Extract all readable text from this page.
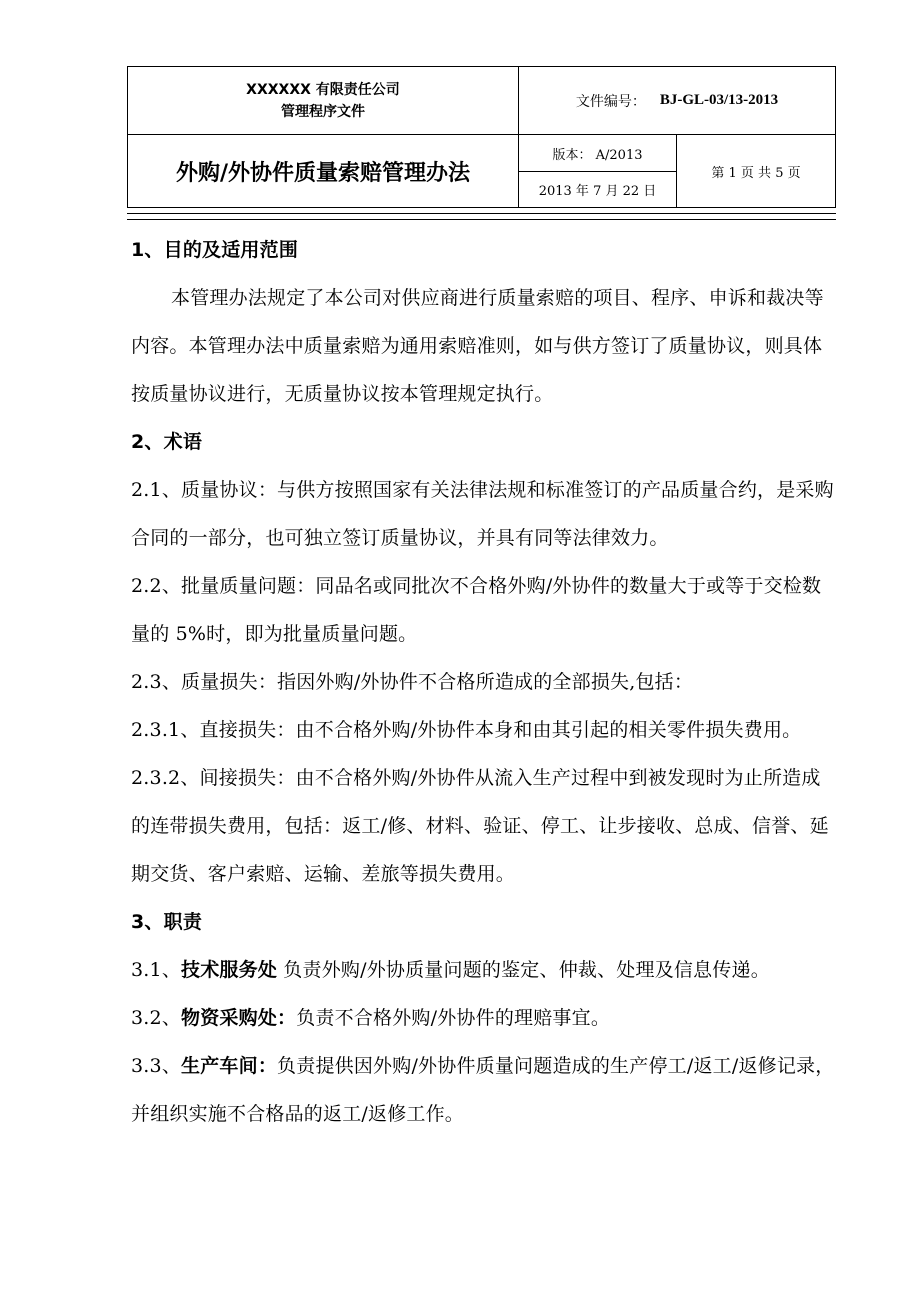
XXXXXX 有限责任公司
管理程序文件
文件编号： BJ-GL-03/13-2013
外购/外协件质量索赔管理办法
版本： A/2013
2013 年 7 月 22 日
第 1 页 共 5 页

1、目的及适用范围

本管理办法规定了本公司对供应商进行质量索赔的项目、程序、申诉和裁决等内容。本管理办法中质量索赔为通用索赔准则，如与供方签订了质量协议，则具体按质量协议进行，无质量协议按本管理规定执行。

2、术语

2.1、质量协议：与供方按照国家有关法律法规和标准签订的产品质量合约，是采购合同的一部分，也可独立签订质量协议，并具有同等法律效力。

2.2、批量质量问题：同品名或同批次不合格外购/外协件的数量大于或等于交检数量的 5%时，即为批量质量问题。

2.3、质量损失：指因外购/外协件不合格所造成的全部损失,包括：

2.3.1、直接损失：由不合格外购/外协件本身和由其引起的相关零件损失费用。

2.3.2、间接损失：由不合格外购/外协件从流入生产过程中到被发现时为止所造成的连带损失费用，包括：返工/修、材料、验证、停工、让步接收、总成、信誉、延期交货、客户索赔、运输、差旅等损失费用。

3、职责

3.1、技术服务处 负责外购/外协质量问题的鉴定、仲裁、处理及信息传递。

3.2、物资采购处：负责不合格外购/外协件的理赔事宜。

3.3、生产车间：负责提供因外购/外协件质量问题造成的生产停工/返工/返修记录，并组织实施不合格品的返工/返修工作。
